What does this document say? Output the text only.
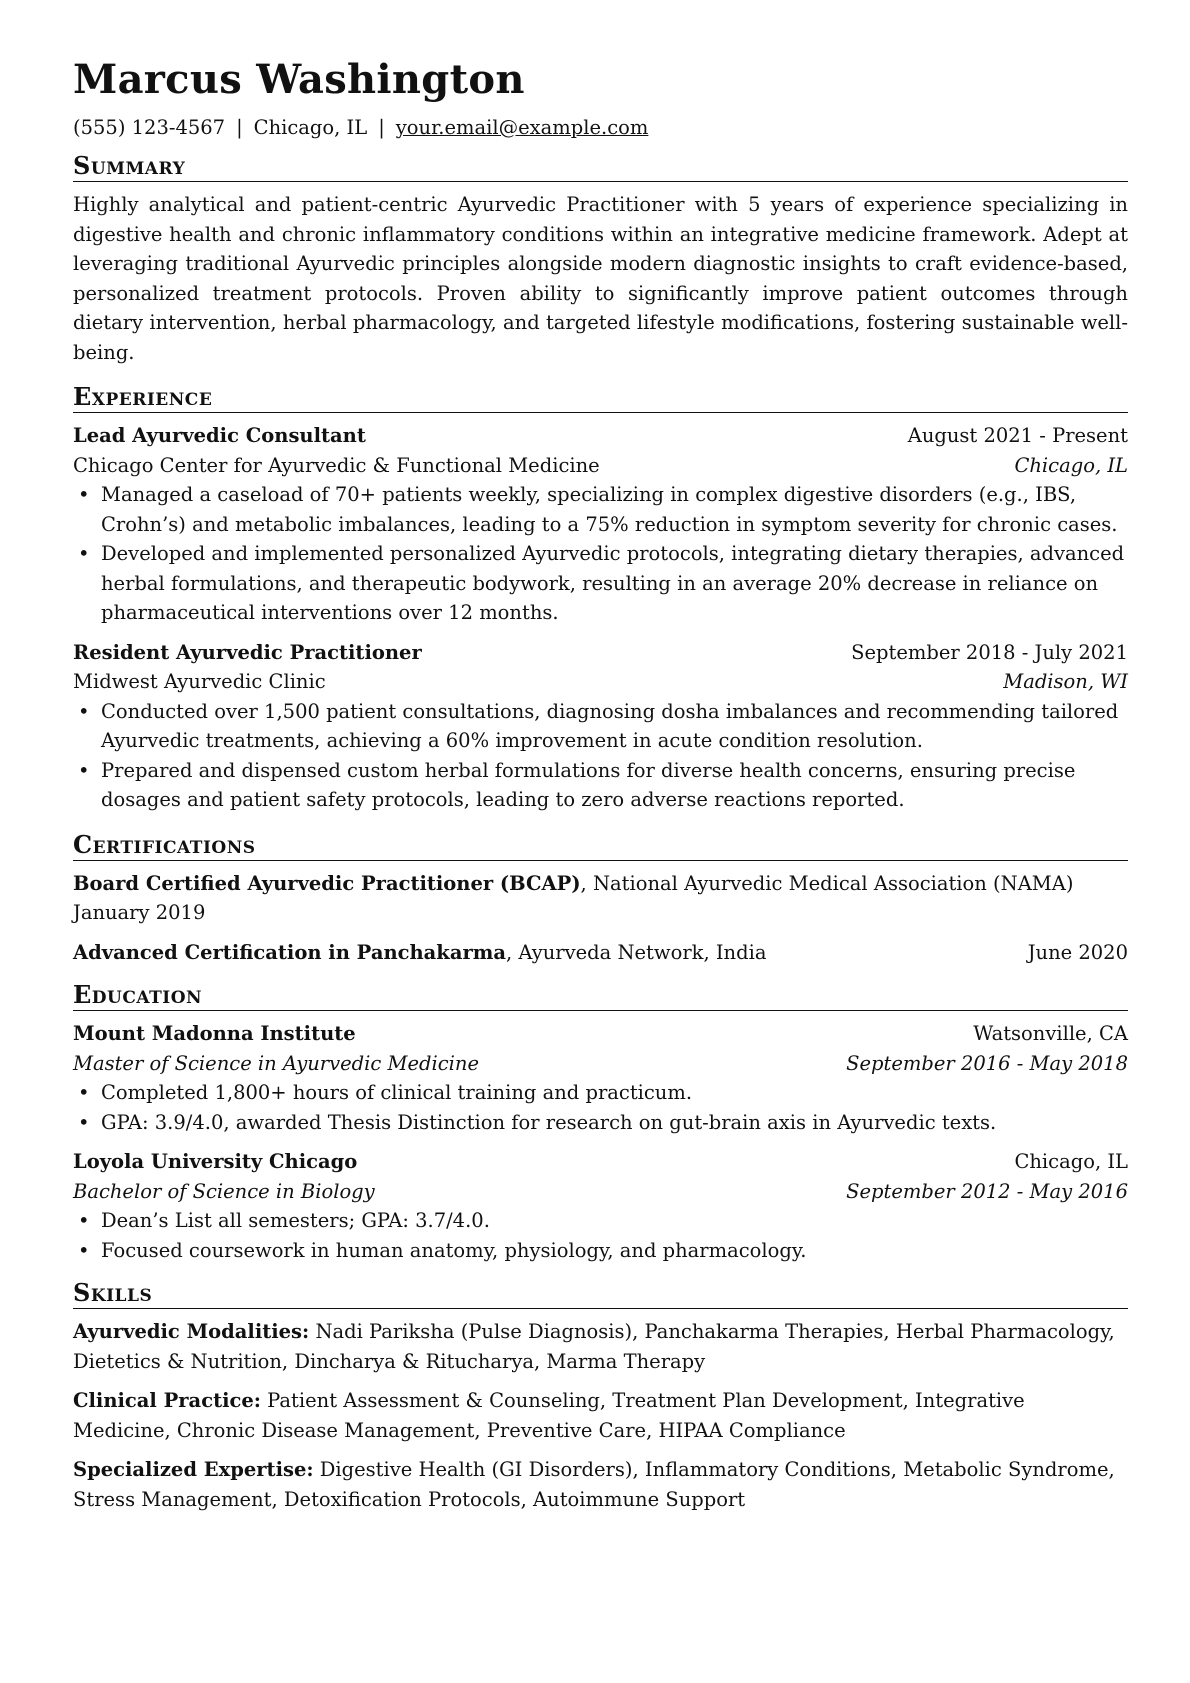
Marcus Washington
(555) 123-4567 | Chicago, IL | your.email@example.com
Summary
Highly analytical and patient-centric Ayurvedic Practitioner with 5 years of experience specializing in digestive health and chronic inflammatory conditions within an integrative medicine framework. Adept at leveraging traditional Ayurvedic principles alongside modern diagnostic insights to craft evidence-based, personalized treatment protocols. Proven ability to significantly improve patient outcomes through dietary intervention, herbal pharmacology, and targeted lifestyle modifications, fostering sustainable well-being.
Experience
Lead Ayurvedic Consultant	August 2021 - Present
Chicago Center for Ayurvedic & Functional Medicine	Chicago, IL
• Managed a caseload of 70+ patients weekly, specializing in complex digestive disorders (e.g., IBS, Crohn’s) and metabolic imbalances, leading to a 75% reduction in symptom severity for chronic cases.
• Developed and implemented personalized Ayurvedic protocols, integrating dietary therapies, advanced herbal formulations, and therapeutic bodywork, resulting in an average 20% decrease in reliance on pharmaceutical interventions over 12 months.
Resident Ayurvedic Practitioner	September 2018 - July 2021
Midwest Ayurvedic Clinic	Madison, WI
• Conducted over 1,500 patient consultations, diagnosing dosha imbalances and recommending tailored Ayurvedic treatments, achieving a 60% improvement in acute condition resolution.
• Prepared and dispensed custom herbal formulations for diverse health concerns, ensuring precise dosages and patient safety protocols, leading to zero adverse reactions reported.
Certifications
Board Certified Ayurvedic Practitioner (BCAP), National Ayurvedic Medical Association (NAMA)
January 2019
Advanced Certification in Panchakarma, Ayurveda Network, India	June 2020
Education
Mount Madonna Institute	Watsonville, CA
Master of Science in Ayurvedic Medicine	September 2016 - May 2018
• Completed 1,800+ hours of clinical training and practicum.
• GPA: 3.9/4.0, awarded Thesis Distinction for research on gut-brain axis in Ayurvedic texts.
Loyola University Chicago	Chicago, IL
Bachelor of Science in Biology	September 2012 - May 2016
• Dean’s List all semesters; GPA: 3.7/4.0.
• Focused coursework in human anatomy, physiology, and pharmacology.
Skills
Ayurvedic Modalities: Nadi Pariksha (Pulse Diagnosis), Panchakarma Therapies, Herbal Pharmacology, Dietetics & Nutrition, Dincharya & Ritucharya, Marma Therapy
Clinical Practice: Patient Assessment & Counseling, Treatment Plan Development, Integrative Medicine, Chronic Disease Management, Preventive Care, HIPAA Compliance
Specialized Expertise: Digestive Health (GI Disorders), Inflammatory Conditions, Metabolic Syndrome, Stress Management, Detoxification Protocols, Autoimmune Support
